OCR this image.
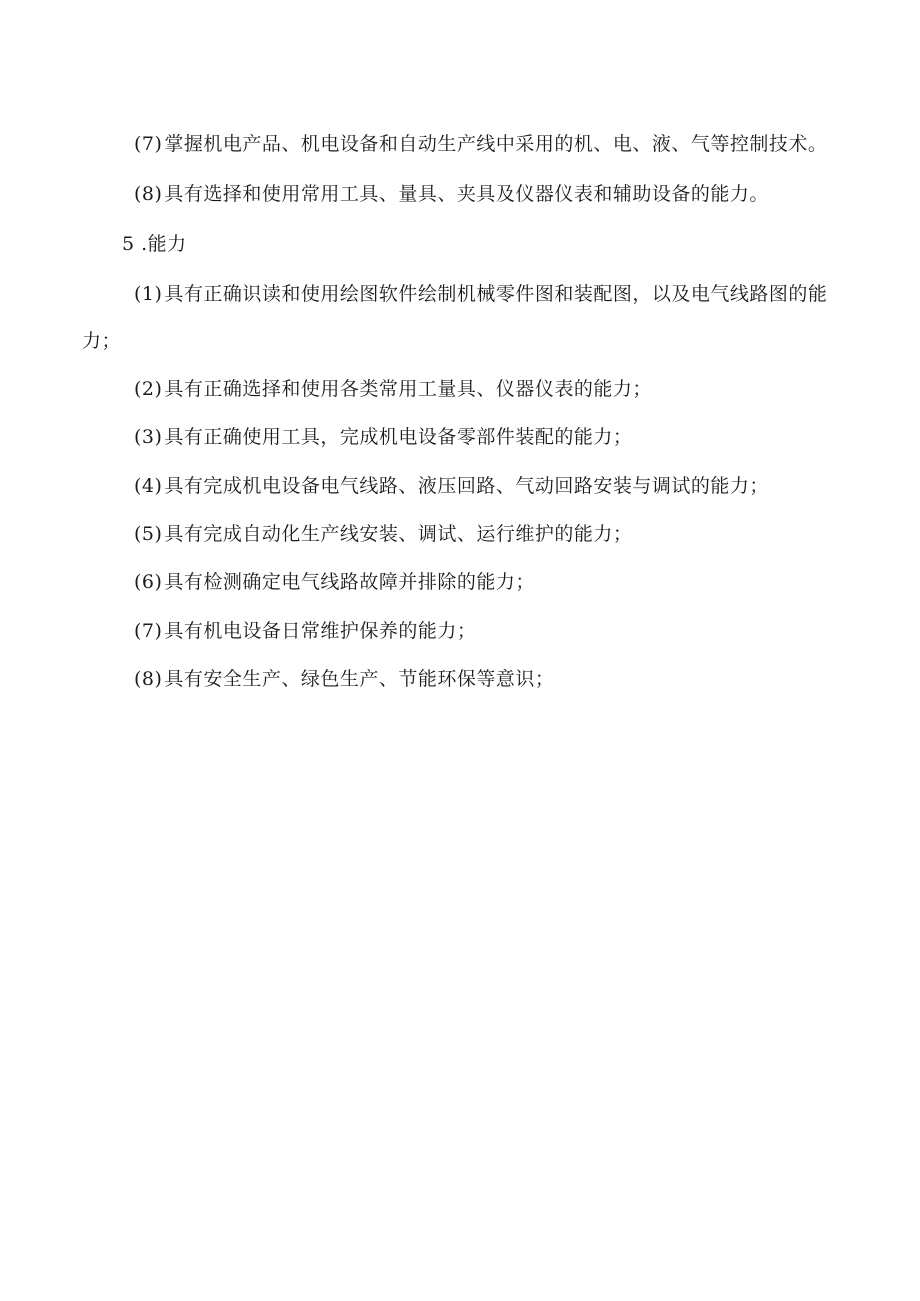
(7) 掌握机电产品、机电设备和自动生产线中采用的机、电、液、气等控制技术。
(8) 具有选择和使用常用工具、量具、夹具及仪器仪表和辅助设备的能力。
5 .能力
(1) 具有正确识读和使用绘图软件绘制机械零件图和装配图，以及电气线路图的能
力；
(2) 具有正确选择和使用各类常用工量具、仪器仪表的能力；
(3) 具有正确使用工具，完成机电设备零部件装配的能力；
(4) 具有完成机电设备电气线路、液压回路、气动回路安装与调试的能力；
(5) 具有完成自动化生产线安装、调试、运行维护的能力；
(6) 具有检测确定电气线路故障并排除的能力；
(7) 具有机电设备日常维护保养的能力；
(8) 具有安全生产、绿色生产、节能环保等意识；
